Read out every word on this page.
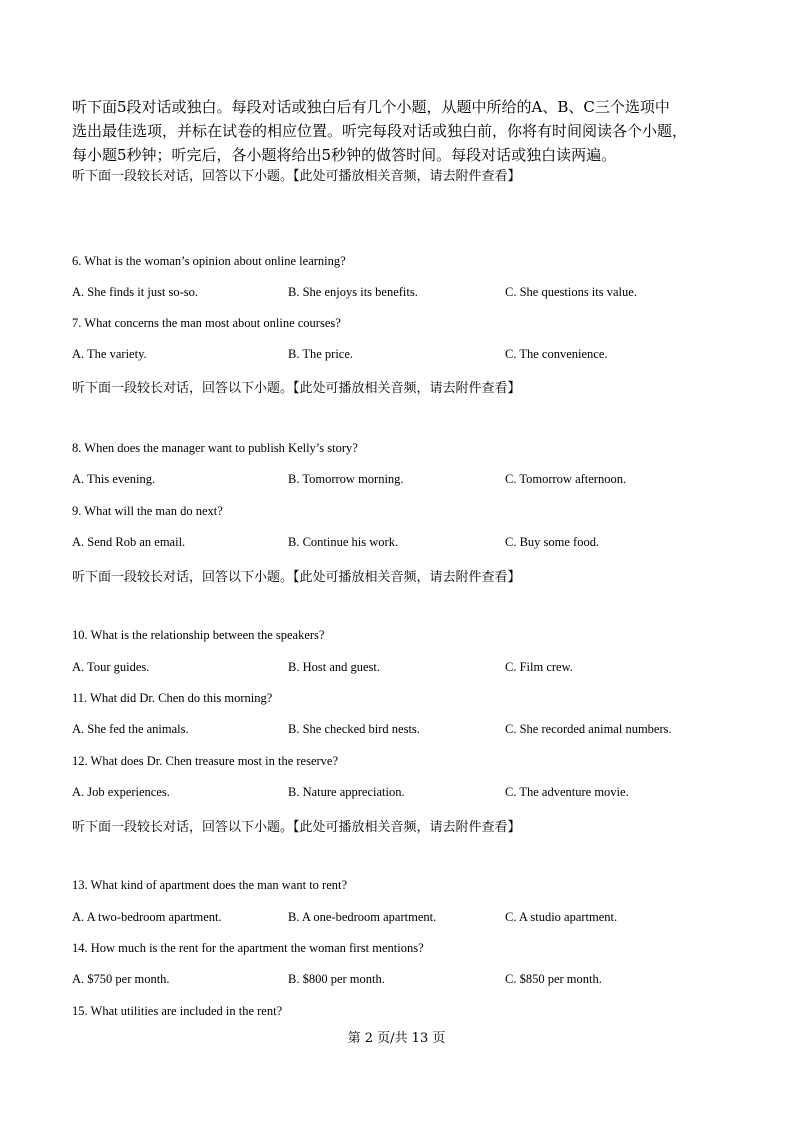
听下面5段对话或独白。每段对话或独白后有几个小题，从题中所给的A、B、C三个选项中

选出最佳选项，并标在试卷的相应位置。听完每段对话或独白前，你将有时间阅读各个小题，

每小题5秒钟；听完后，各小题将给出5秒钟的做答时间。每段对话或独白读两遍。

听下面一段较长对话，回答以下小题。【此处可播放相关音频，请去附件查看】

6. What is the woman’s opinion about online learning?
A. She finds it just so-so.	B. She enjoys its benefits.	C. She questions its value.
7. What concerns the man most about online courses?
A. The variety.	B. The price.	C. The convenience.
听下面一段较长对话，回答以下小题。【此处可播放相关音频，请去附件查看】
8. When does the manager want to publish Kelly’s story?
A. This evening.	B. Tomorrow morning.	C. Tomorrow afternoon.
9. What will the man do next?
A. Send Rob an email.	B. Continue his work.	C. Buy some food.
听下面一段较长对话，回答以下小题。【此处可播放相关音频，请去附件查看】
10. What is the relationship between the speakers?
A. Tour guides.	B. Host and guest.	C. Film crew.
11. What did Dr. Chen do this morning?
A. She fed the animals.	B. She checked bird nests.	C. She recorded animal numbers.
12. What does Dr. Chen treasure most in the reserve?
A. Job experiences.	B. Nature appreciation.	C. The adventure movie.
听下面一段较长对话，回答以下小题。【此处可播放相关音频，请去附件查看】
13. What kind of apartment does the man want to rent?
A. A two-bedroom apartment.	B. A one-bedroom apartment.	C. A studio apartment.
14. How much is the rent for the apartment the woman first mentions?
A. $750 per month.	B. $800 per month.	C. $850 per month.
15. What utilities are included in the rent?
第 2 页/共 13 页
